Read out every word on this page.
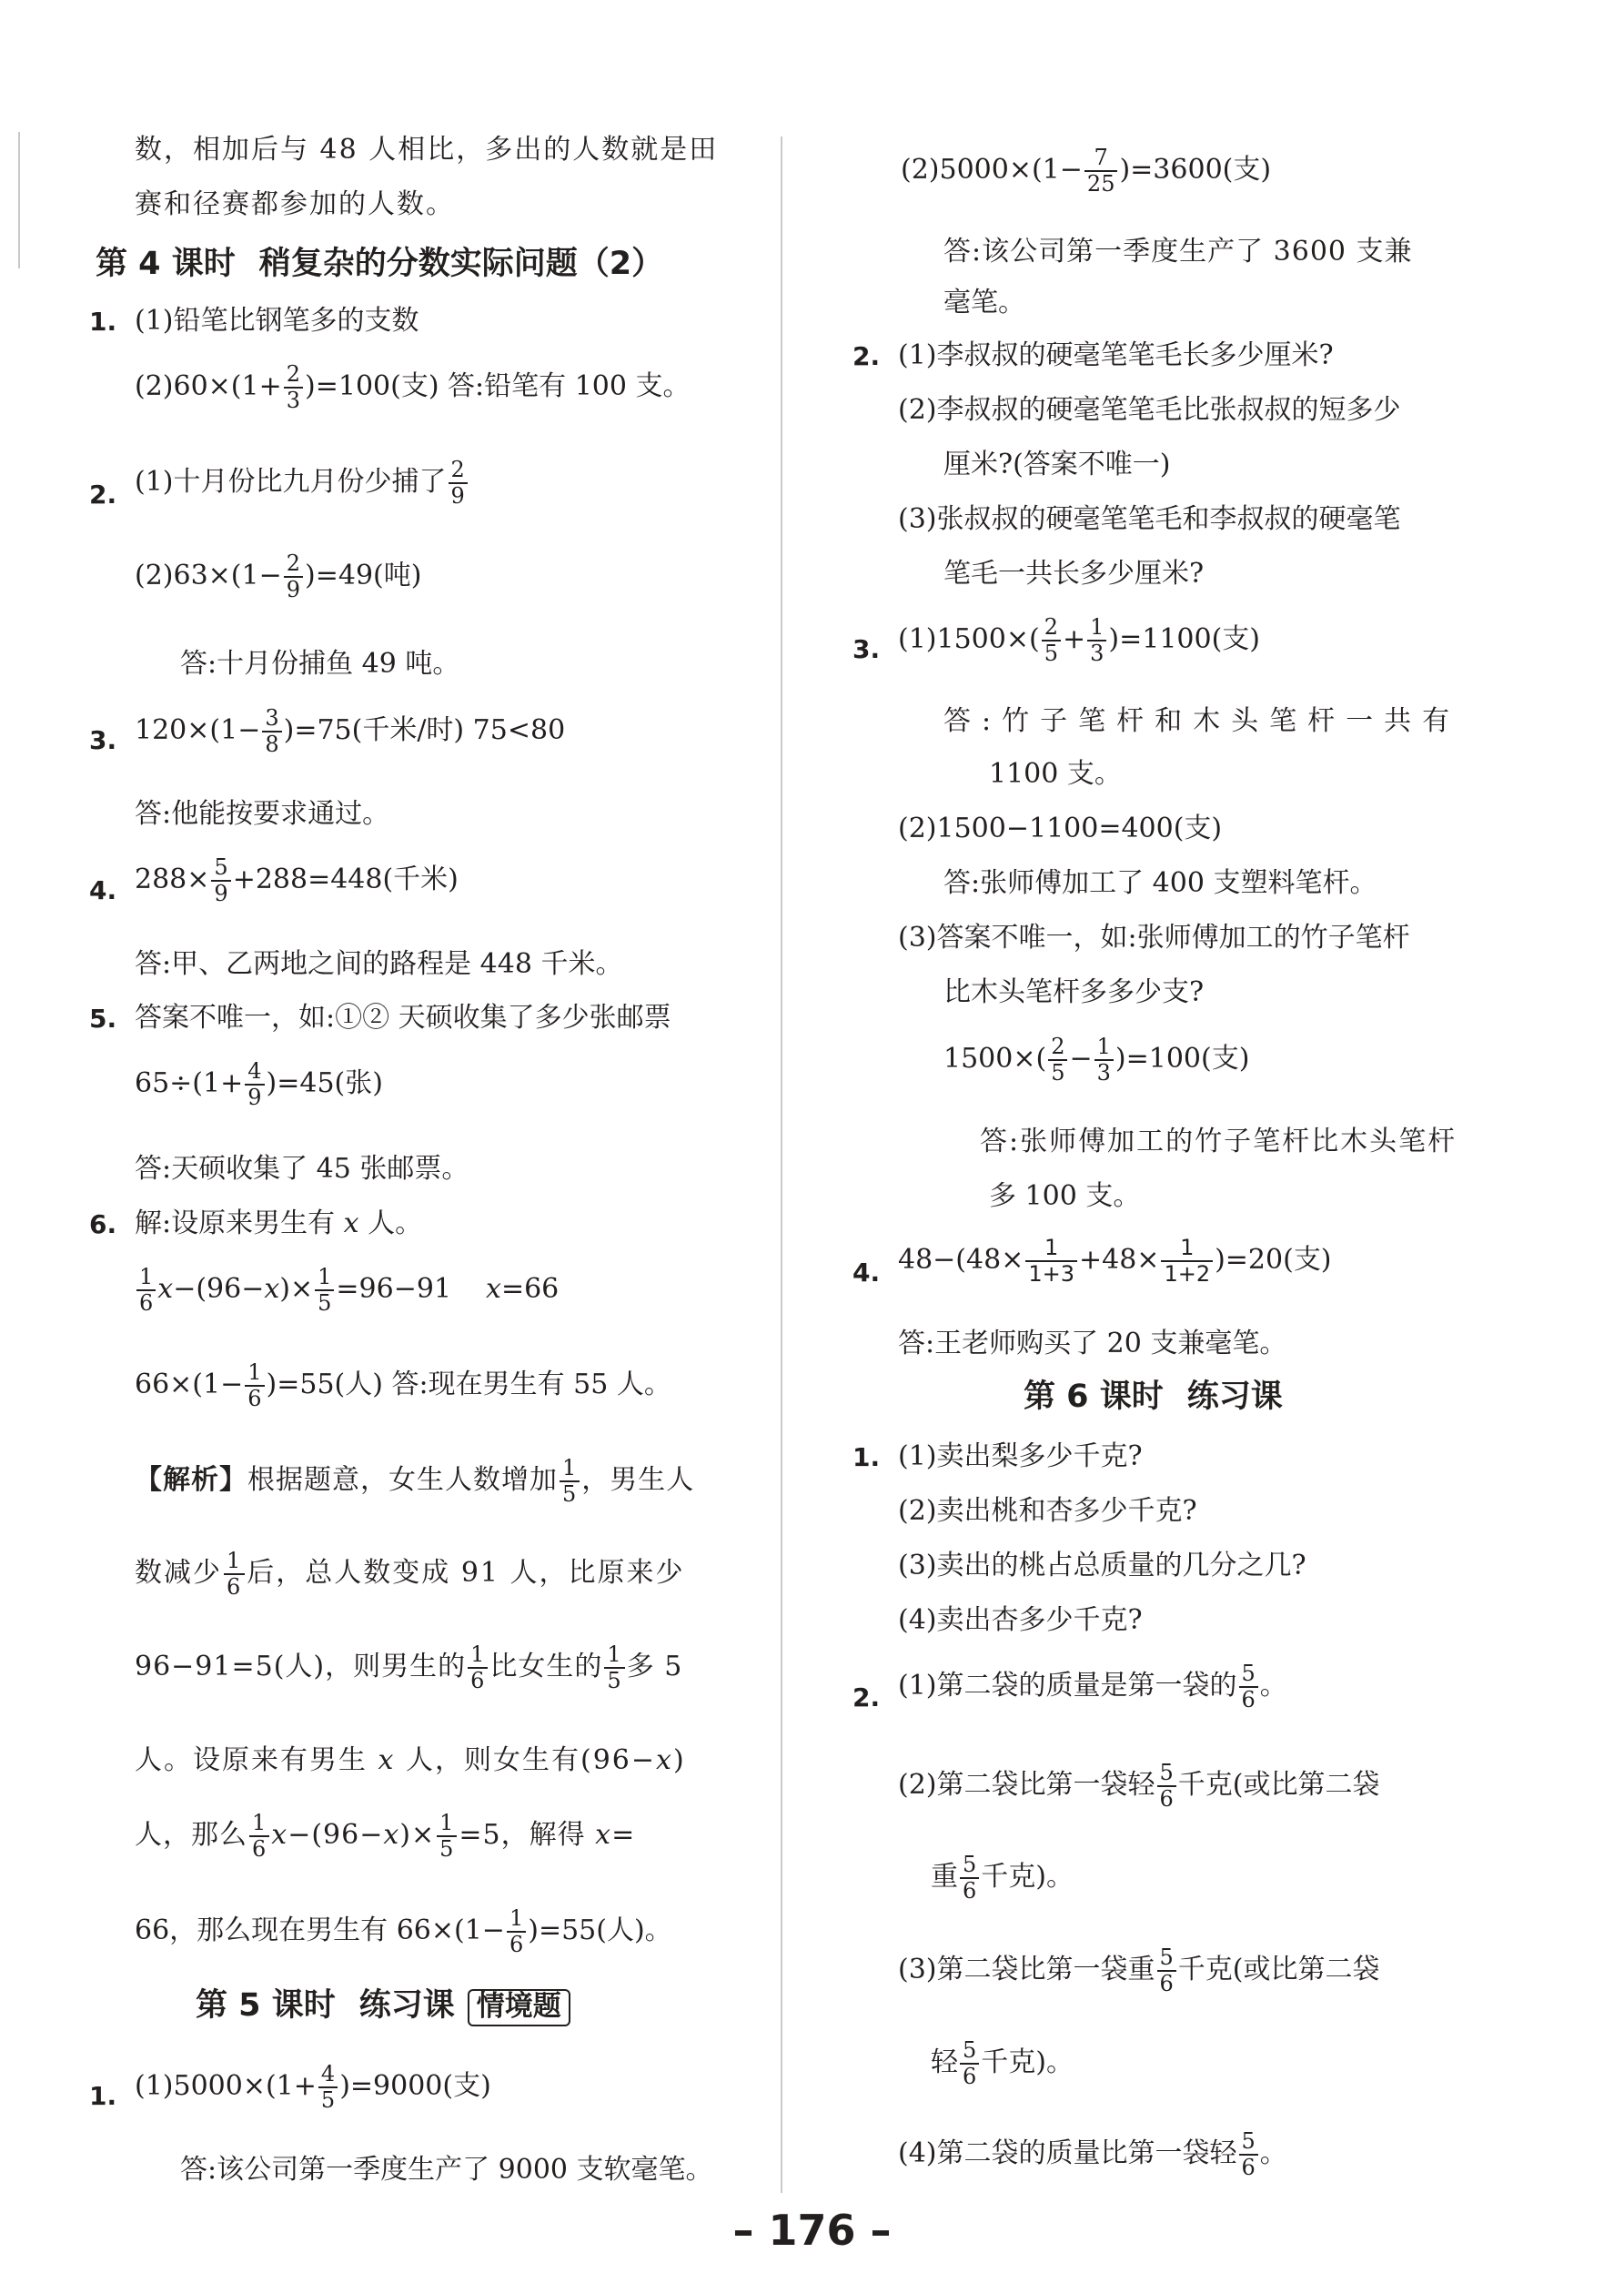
数，相加后与 48 人相比，多出的人数就是田
赛和径赛都参加的人数。
第 4 课时 稍复杂的分数实际问题（2）
1. (1)铅笔比钢笔多的支数
$(2)60\times(1+ \frac{2}{3} )=100$(支) 答:铅笔有 100 支。
2. (1)十月份比九月份少捕了 $\frac{2}{9}$
$(2)63\times(1- \frac{2}{9} )=49$(吨)
答:十月份捕鱼 49 吨。
3. $120\times(1- \frac{3}{8} )=75$(千米/时) 75<80
答:他能按要求通过。
4. $288\times \frac{5}{9} +288=448$(千米)
答:甲、乙两地之间的路程是 448 千米。
5. 答案不唯一，如:①② 天硕收集了多少张邮票
$65\div(1+ \frac{4}{9} )=45$(张)
答:天硕收集了 45 张邮票。
6. 解:设原来男生有 x 人。
$\frac{1}{6} x-(96-x)\times \frac{1}{5} =96-91$ x=66
$66\times(1- \frac{1}{6} )=55$(人) 答:现在男生有 55 人。
【解析】根据题意，女生人数增加 $\frac{1}{5}$ ，男生人
数减少 $\frac{1}{6}$ 后，总人数变成 91 人，比原来少
96−91=5(人)，则男生的 $\frac{1}{6}$ 比女生的 $\frac{1}{5}$ 多 5
人。设原来有男生 x 人，则女生有(96−x)
人，那么 $\frac{1}{6} x-(96-x)\times \frac{1}{5} =5$，解得 x=
66，那么现在男生有 $66\times(1- \frac{1}{6} )=55$(人)。
第 5 课时 练习课 情境题
1. $(1)5000\times(1+ \frac{4}{5} )=9000$(支)
答:该公司第一季度生产了 9000 支软毫笔。
$(2)5000\times(1- \frac{7}{25} )=3600$(支)
答:该公司第一季度生产了 3600 支兼
毫笔。
2. (1)李叔叔的硬毫笔笔毛长多少厘米?
(2)李叔叔的硬毫笔笔毛比张叔叔的短多少
厘米?(答案不唯一)
(3)张叔叔的硬毫笔笔毛和李叔叔的硬毫笔
笔毛一共长多少厘米?
3. $(1)1500\times( \frac{2}{5} + \frac{1}{3} )=1100$(支)
答:竹子笔杆和木头笔杆一共有
1100 支。
(2)1500−1100=400(支)
答:张师傅加工了 400 支塑料笔杆。
(3)答案不唯一，如:张师傅加工的竹子笔杆
比木头笔杆多多少支?
$1500\times( \frac{2}{5} - \frac{1}{3} )=100$(支)
答:张师傅加工的竹子笔杆比木头笔杆
多 100 支。
4. $48-(48\times \frac{1}{1+3} +48\times \frac{1}{1+2} )=20$(支)
答:王老师购买了 20 支兼毫笔。
第 6 课时 练习课
1. (1)卖出梨多少千克?
(2)卖出桃和杏多少千克?
(3)卖出的桃占总质量的几分之几?
(4)卖出杏多少千克?
2. (1)第二袋的质量是第一袋的 $\frac{5}{6}$ 。
(2)第二袋比第一袋轻 $\frac{5}{6}$ 千克(或比第二袋
重 $\frac{5}{6}$ 千克)。
(3)第二袋比第一袋重 $\frac{5}{6}$ 千克(或比第二袋
轻 $\frac{5}{6}$ 千克)。
(4)第二袋的质量比第一袋轻 $\frac{5}{6}$ 。
– 176 –
